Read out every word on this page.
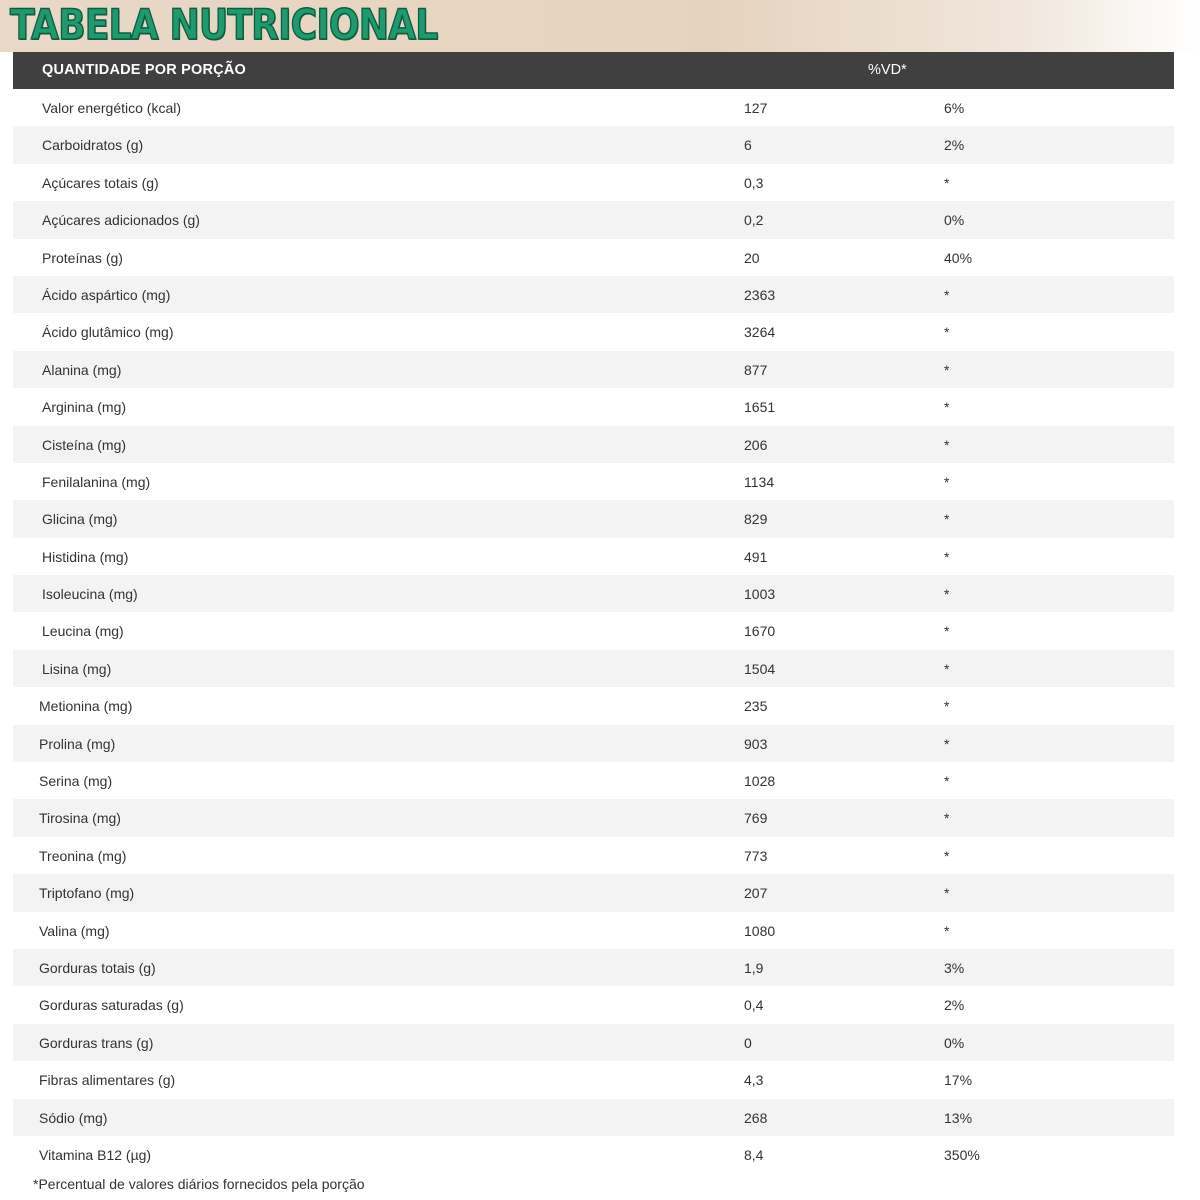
TABELA NUTRICIONAL
QUANTIDADE POR PORÇÃO	%VD*
Valor energético (kcal)	127	6%
Carboidratos (g)	6	2%
Açúcares totais (g)	0,3	*
Açúcares adicionados (g)	0,2	0%
Proteínas (g)	20	40%
Ácido aspártico (mg)	2363	*
Ácido glutâmico (mg)	3264	*
Alanina (mg)	877	*
Arginina (mg)	1651	*
Cisteína (mg)	206	*
Fenilalanina (mg)	1134	*
Glicina (mg)	829	*
Histidina (mg)	491	*
Isoleucina (mg)	1003	*
Leucina (mg)	1670	*
Lisina (mg)	1504	*
Metionina (mg)	235	*
Prolina (mg)	903	*
Serina (mg)	1028	*
Tirosina (mg)	769	*
Treonina (mg)	773	*
Triptofano (mg)	207	*
Valina (mg)	1080	*
Gorduras totais (g)	1,9	3%
Gorduras saturadas (g)	0,4	2%
Gorduras trans (g)	0	0%
Fibras alimentares (g)	4,3	17%
Sódio (mg)	268	13%
Vitamina B12 (µg)	8,4	350%
*Percentual de valores diários fornecidos pela porção
